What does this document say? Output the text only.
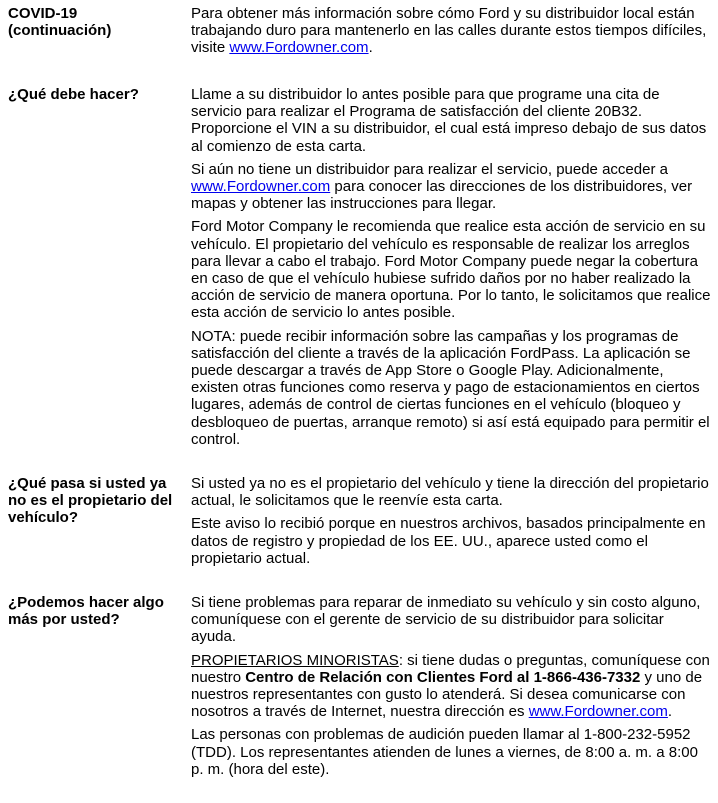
COVID-19 (continuación)

Para obtener más información sobre cómo Ford y su distribuidor local están trabajando duro para mantenerlo en las calles durante estos tiempos difíciles, visite www.Fordowner.com.

¿Qué debe hacer?	Llame a su distribuidor lo antes posible para que programe una cita de servicio para realizar el Programa de satisfacción del cliente 20B32. Proporcione el VIN a su distribuidor, el cual está impreso debajo de sus datos al comienzo de esta carta.

Si aún no tiene un distribuidor para realizar el servicio, puede acceder a www.Fordowner.com para conocer las direcciones de los distribuidores, ver mapas y obtener las instrucciones para llegar.

Ford Motor Company le recomienda que realice esta acción de servicio en su vehículo. El propietario del vehículo es responsable de realizar los arreglos para llevar a cabo el trabajo. Ford Motor Company puede negar la cobertura en caso de que el vehículo hubiese sufrido daños por no haber realizado la acción de servicio de manera oportuna. Por lo tanto, le solicitamos que realice esta acción de servicio lo antes posible.

NOTA: puede recibir información sobre las campañas y los programas de satisfacción del cliente a través de la aplicación FordPass. La aplicación se puede descargar a través de App Store o Google Play. Adicionalmente, existen otras funciones como reserva y pago de estacionamientos en ciertos lugares, además de control de ciertas funciones en el vehículo (bloqueo y desbloqueo de puertas, arranque remoto) si así está equipado para permitir el control.

¿Qué pasa si usted ya no es el propietario del vehículo?

Si usted ya no es el propietario del vehículo y tiene la dirección del propietario actual, le solicitamos que le reenvíe esta carta.

Este aviso lo recibió porque en nuestros archivos, basados principalmente en datos de registro y propiedad de los EE. UU., aparece usted como el propietario actual.

¿Podemos hacer algo más por usted?

Si tiene problemas para reparar de inmediato su vehículo y sin costo alguno, comuníquese con el gerente de servicio de su distribuidor para solicitar ayuda.

PROPIETARIOS MINORISTAS: si tiene dudas o preguntas, comuníquese con nuestro Centro de Relación con Clientes Ford al 1-866-436-7332 y uno de nuestros representantes con gusto lo atenderá. Si desea comunicarse con nosotros a través de Internet, nuestra dirección es www.Fordowner.com.

Las personas con problemas de audición pueden llamar al 1-800-232-5952 (TDD). Los representantes atienden de lunes a viernes, de 8:00 a. m. a 8:00 p. m. (hora del este).
